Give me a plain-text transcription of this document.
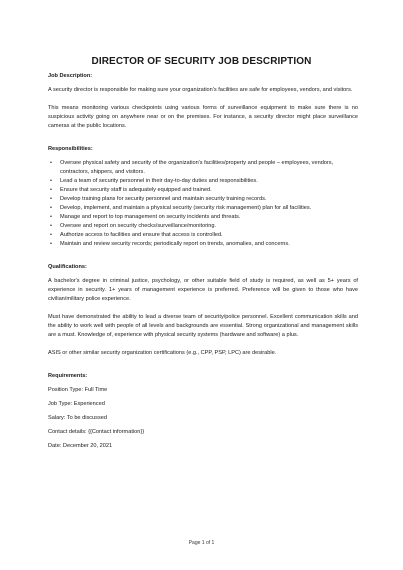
DIRECTOR OF SECURITY JOB DESCRIPTION
Job Description:

A security director is responsible for making sure your organization's facilities are safe for employees, vendors, and visitors.

This means monitoring various checkpoints using various forms of surveillance equipment to make sure there is no suspicious activity going on anywhere near or on the premises. For instance, a security director might place surveillance cameras at the public locations.

Responsibilities:
• Oversee physical safety and security of the organization's facilities/property and people – employees, vendors, contractors, shippers, and visitors.
• Lead a team of security personnel in their day-to-day duties and responsibilities.
• Ensure that security staff is adequately equipped and trained.
• Develop training plans for security personnel and maintain security training records.
• Develop, implement, and maintain a physical security (security risk management) plan for all facilities.
• Manage and report to top management on security incidents and threats.
• Oversee and report on security checks/surveillance/monitoring.
• Authorize access to facilities and ensure that access is controlled.
• Maintain and review security records; periodically report on trends, anomalies, and concerns.
Qualifications:

A bachelor's degree in criminal justice, psychology, or other suitable field of study is required, as well as 5+ years of experience in security. 1+ years of management experience is preferred. Preference will be given to those who have civilian/military police experience.

Must have demonstrated the ability to lead a diverse team of security/police personnel. Excellent communication skills and the ability to work well with people of all levels and backgrounds are essential. Strong organizational and management skills are a must. Knowledge of, experience with physical security systems (hardware and software) a plus.

ASIS or other similar security organization certifications (e.g., CPP, PSP, LPC) are desirable.

Requirements:

Position Type: Full Time

Job Type: Experienced

Salary: To be discussed

Contact details: {{Contact information}}

Date: December 20, 2021

Page 1 of 1
